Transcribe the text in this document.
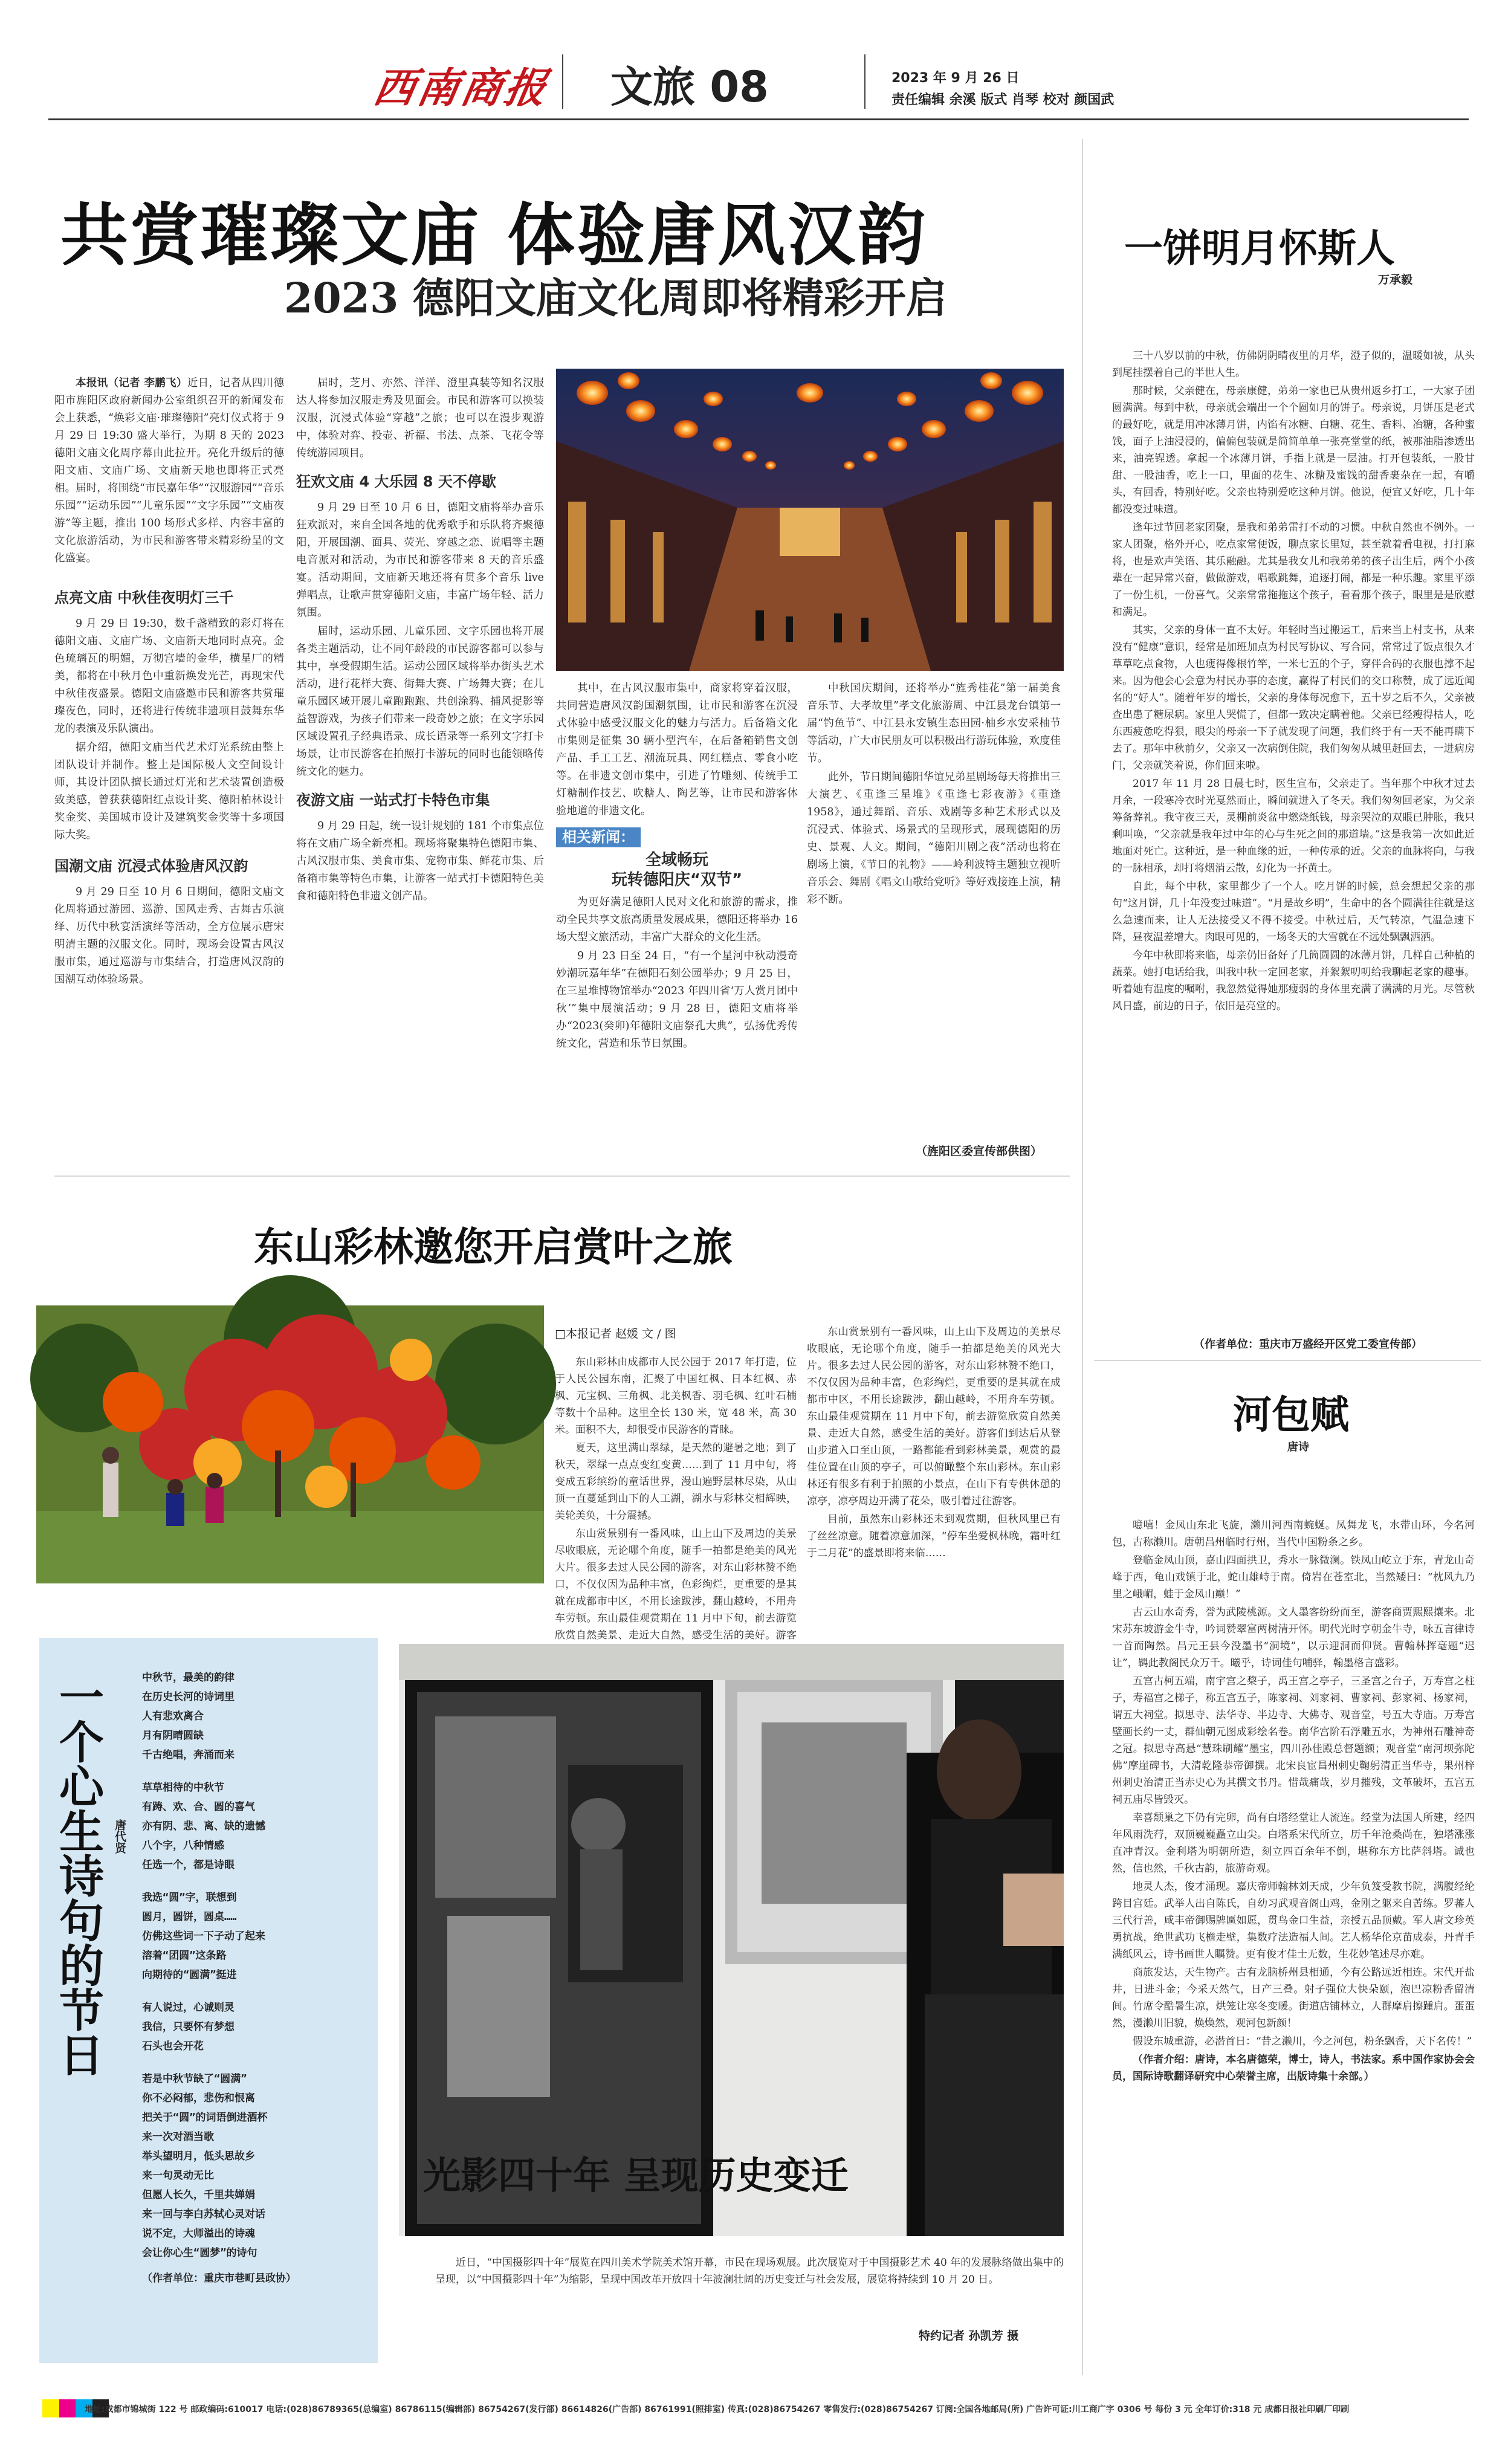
西南商报 文旅 08	2023 年 9 月 26 日
责任编辑 余溪 版式 肖琴 校对 颜国武
共赏璀璨文庙 体验唐风汉韵
2023 德阳文庙文化周即将精彩开启

本报讯（记者 李鹏飞）近日，记者从四川德阳市旌阳区政府新闻办公室组织召开的新闻发布会上获悉，“焕彩文庙·璀璨德阳”亮灯仪式将于 9 月 29 日 19:30 盛大举行，为期 8 天的 2023 德阳文庙文化周序幕由此拉开。亮化升级后的德阳文庙、文庙广场、文庙新天地也即将正式亮相。届时，将围绕“市民嘉年华”“汉服游园”“音乐乐园”“运动乐园”“儿童乐园”“文字乐园”“文庙夜游”等主题，推出 100 场形式多样、内容丰富的文化旅游活动，为市民和游客带来精彩纷呈的文化盛宴。

点亮文庙 中秋佳夜明灯三千

9 月 29 日 19:30，数千盏精致的彩灯将在德阳文庙、文庙广场、文庙新天地同时点亮。金色琉璃瓦的明媚，万彻宫墙的金华，横星厂的精美，都将在中秋月色中重新焕发光芒，再现宋代中秋佳夜盛景。德阳文庙盛邀市民和游客共赏璀璨夜色，同时，还将进行传统非遗项目鼓舞东华龙的表演及乐队演出。

据介绍，德阳文庙当代艺术灯光系统由整上团队设计并制作。整上是国际极人文空间设计师，其设计团队擅长通过灯光和艺术装置创造极致美感，曾获获德阳红点设计奖、德阳柏林设计奖金奖、美国城市设计及建筑奖金奖等十多项国际大奖。

国潮文庙 沉浸式体验唐风汉韵

9 月 29 日至 10 月 6 日期间，德阳文庙文化周将通过游园、巡游、国风走秀、古舞古乐演绎、历代中秋宴活演绎等活动，全方位展示唐宋明清主题的汉服文化。同时，现场会设置古风汉服市集，通过巡游与市集结合，打造唐风汉韵的国潮互动体验场景。

届时，芝月、亦然、洋洋、澄里真装等知名汉服达人将参加汉服走秀及见面会。市民和游客可以换装汉服，沉浸式体验“穿越”之旅；也可以在漫步观游中，体验对弈、投壶、祈福、书法、点茶、飞花令等传统游园项目。

狂欢文庙 4 大乐园 8 天不停歇

9 月 29 日至 10 月 6 日，德阳文庙将举办音乐狂欢派对，来自全国各地的优秀歌手和乐队将齐聚德阳，开展国潮、面具、荧光、穿越之恋、说唱等主题电音派对和活动，为市民和游客带来 8 天的音乐盛宴。活动期间，文庙新天地还将有贯多个音乐 live 弹唱点，让歌声贯穿德阳文庙，丰富广场年轻、活力氛围。

届时，运动乐园、儿童乐园、文字乐园也将开展各类主题活动，让不同年龄段的市民游客都可以参与其中，享受假期生活。运动公园区域将举办街头艺术活动，进行花样大赛、街舞大赛、广场舞大赛；在儿童乐园区域开展儿童跑跑跑、共创涂鸦、捕风捉影等益智游戏，为孩子们带来一段奇妙之旅；在文字乐园区域设置孔子经典语录、成长语录等一系列文字打卡场景，让市民游客在拍照打卡游玩的同时也能领略传统文化的魅力。

夜游文庙 一站式打卡特色市集

9 月 29 日起，统一设计规划的 181 个市集点位将在文庙广场全新亮相。现场将聚集特色德阳市集、古风汉服市集、美食市集、宠物市集、鲜花市集、后备箱市集等特色市集，让游客一站式打卡德阳特色美食和德阳特色非遗文创产品。

其中，在古风汉服市集中，商家将穿着汉服，共同营造唐风汉韵国潮氛围，让市民和游客在沉浸式体验中感受汉服文化的魅力与活力。后备箱文化市集则是征集 30 辆小型汽车，在后备箱销售文创产品、手工工艺、潮流玩具、网红糕点、零食小吃等。在非遗文创市集中，引进了竹雕刻、传统手工灯糖制作技艺、吹糖人、陶艺等，让市民和游客体验地道的非遗文化。

相关新闻：
全域畅玩
玩转德阳庆“双节”

为更好满足德阳人民对文化和旅游的需求，推动全民共享文旅高质量发展成果，德阳还将举办 16 场大型文旅活动，丰富广大群众的文化生活。

9 月 23 日至 24 日，“有一个星河中秋动漫奇妙潮玩嘉年华”在德阳石刻公园举办；9 月 25 日，在三星堆博物馆举办“2023 年四川省‘万人赏月团中秋’”集中展演活动；9 月 28 日，德阳文庙将举办“2023(癸卯)年德阳文庙祭孔大典”，弘扬优秀传统文化，营造和乐节日氛围。

中秋国庆期间，还将举办“旌秀桂花”第一届美食音乐节、大孝故里”孝文化旅游周、中江县龙台镇第一届“钓鱼节”、中江县永安镇生态田园·柚乡水安采柚节等活动，广大市民朋友可以积极出行游玩体验，欢度佳节。

此外，节日期间德阳华谊兄弟星剧场每天将推出三大演艺、《重逢三星堆》《重逢七彩夜游》《重逢1958》，通过舞蹈、音乐、戏剧等多种艺术形式以及沉浸式、体验式、场景式的呈现形式，展现德阳的历史、景观、人文。期间，“德阳川剧之夜”活动也将在剧场上演，《节日的礼物》——岭利波特主题独立视听音乐会、舞剧《唱文山歌给党听》等好戏接连上演，精彩不断。

（旌阳区委宣传部供图）
一饼明月怀斯人
万承毅

三十八岁以前的中秋，仿佛阴阴晴夜里的月华，澄子似的，温暖如被，从头到尾挂摆着自己的半世人生。

那时候，父亲健在，母亲康健，弟弟一家也已从贵州返乡打工，一大家子团圆满满。每到中秋，母亲就会端出一个个圆如月的饼子。母亲说，月饼压是老式的最好吃，就是用冲冰薄月饼，内馅有冰糖、白糖、花生、香料、冶糖，各种蜜饯，面子上油浸浸的，偏偏包装就是简简单单一张亮堂堂的纸，被那油脂渗透出来，油亮锃透。拿起一个冰薄月饼，手指上就是一层油。打开包装纸，一股甘甜、一股油香，吃上一口，里面的花生、冰糖及蜜饯的甜香裹杂在一起，有嚼头，有回香，特别好吃。父亲也特别爱吃这种月饼。他说，便宜又好吃，几十年都没变过味道。

逢年过节回老家团聚，是我和弟弟雷打不动的习惯。中秋自然也不例外。一家人团聚，格外开心，吃点家常便饭，聊点家长里短，甚至就着看电视，打打麻将，也是欢声笑语、其乐融融。尤其是我女儿和我弟弟的孩子出生后，两个小孩辈在一起异常兴奋，做做游戏，唱歌跳舞，追逐打闹，都是一种乐趣。家里平添了一份生机，一份喜气。父亲常常拖拖这个孩子，看看那个孩子，眼里是是欣慰和满足。

其实，父亲的身体一直不太好。年轻时当过搬运工，后来当上村支书，从来没有“健康”意识，经常是加班加点为村民写协议、写合同，常常过了饭点很久才草草吃点食物，人也瘦得像根竹竿，一米七五的个子，穿伴合码的衣服也撑不起来。因为他会心会意为村民办事的态度，赢得了村民们的交口称赞，成了远近闻名的“好人”。随着年岁的增长，父亲的身体每况愈下，五十岁之后不久，父亲被查出患了糖尿病。家里人哭慌了，但都一致决定瞒着他。父亲已经瘦得枯人，吃东西疲惫吃得狠，眼尖的母亲一下子就发现了问题，我们终于有一天不能再瞒下去了。那年中秋前夕，父亲又一次病倒住院，我们匆匆从城里赶回去，一进病房门，父亲就笑着说，你们回来啦。

2017 年 11 月 28 日晨七时，医生宣布，父亲走了。当年那个中秋才过去月余，一段寒冷衣时光戛然而止，瞬间就进入了冬天。我们匆匆回老家，为父亲筹备葬礼。我守夜三天，灵棚前炎盆中燃烧纸钱，母亲哭泣的双眼已肿胀，我只剩叫唤，“父亲就是我年过中年的心与生死之间的那道墙。”这是我第一次如此近地面对死亡。这种近，是一种血缘的近，一种传承的近。父亲的血脉将向，与我的一脉相承，却打将烟消云散，幻化为一抔黄土。

自此，每个中秋，家里都少了一个人。吃月饼的时候，总会想起父亲的那句“这月饼，几十年没变过味道”。“月是故乡明”，生命中的各个圆满往往就是这么急速而来，让人无法接受又不得不接受。中秋过后，天气转凉，气温急速下降，昼夜温差增大。肉眼可见的，一场冬天的大雪就在不远处飘飘洒洒。

今年中秋即将来临，母亲仍旧备好了几筒圆圆的冰薄月饼，几样自己种植的蔬菜。她打电话给我，叫我中秋一定回老家，并絮絮叨叨给我聊起老家的趣事。听着她有温度的嘱咐，我忽然觉得她那瘦弱的身体里充满了满满的月光。尽管秋风日盛，前边的日子，依旧是亮堂的。

（作者单位：重庆市万盛经开区党工委宣传部）
河包赋
唐诗

噫嘻！金凤山东北飞旋，濑川河西南蜿蜒。凤舞龙飞，水带山环，今名河包，古称濑川。唐朝昌州临时行州，当代中国粉条之乡。

登临金凤山顶，嘉山四面拱卫，秀水一脉微澜。铁凤山屹立于东，青龙山奇峰于西，龟山戏镇于北，蛇山雄峙于南。倚岩在苍室北，当然矮曰：“枕风九乃里之峨嵋，蛙于金凤山巅！”

古云山水奇秀，誉为武陵桃源。文人墨客纷纷而至，游客商贾熙熙攘来。北宋苏东坡游金牛寺，吟词赞翠富两树清开怀。明代光时亨朝金牛寺，咏五言律诗一首而陶然。昌元王县今没墨书“洞境”，以示迎洞而仰贤。曹翰林挥毫题“迟让”，羁此教阁民众万千。曦乎，诗词佳句哺驿，翰墨格言盛彩。

五宫古柯五端，南宇宫之棃子，禹王宫之亭子，三圣宫之台子，万寿宫之柱子，寿福宫之梯子，称五宫五子，陈家祠、刘家祠、曹家祠、彭家祠、杨家祠，谓五大祠堂。拟思寺、法华寺、半边寺、大佛寺、观音堂，号五大寺庙。万寿宫壁画长约一丈，群仙朝元图成彩绘名卷。南华宫阶石浮雕五水，为神州石雕神奇之冠。拟思寺高悬“慧珠刷耀”墨宝，四川孙佳殿总督题额；观音堂“南河坝弥陀佛”摩崖碑书，大清乾隆恭帝御撰。北宋良宦昌州刺史鞠躬清正当华寺，果州梓州刺史治清正当赤史心为其撰文书丹。惜哉痛哉，岁月摧残，文革破坏，五宫五祠五庙尽皆毁灭。

幸喜颓巢之下仍有完卵，尚有白塔经堂让人流连。经堂为法国人所建，经四年风雨洗荇，双顶巍巍矗立山尖。白塔系宋代所立，历千年沧桑尚在，独塔涨涨直冲青汉。金利塔为明朝所造，刻立四百余年不倒，堪称东方比萨斜塔。诚也然，信也然，千秋古韵，旅游奇观。

地灵人杰，俊才涌现。嘉庆帝师翰林刘天成，少年负笈受教书院，满腹经纶跨目宫廷。武举人出自陈氏，自幼习武观音阁山鸡，金刚之躯来自苦练。罗蕃人三代行善，咸丰帝御赐牌匾如愿，贯鸟金口生益，亲授五品顶戴。军人唐文珍英勇抗战，绝世武功飞檐走壁，集数疗法造福人间。艺人杨华伦京苗成泰，丹青手满纸风云，诗书画世人瞩赞。更有俊才佳士无数，生花妙笔述尽亦难。

商旅发达，天生物产。古有龙脑桥州县相通，今有公路远近相连。宋代开盐井，日进斗金；今采天然气，日产三叠。射子强位大快朵颐，泡巴凉粉香留清间。竹席令酷暑生凉，烘笼让寒冬变暖。街道店铺林立，人群摩肩擦踵肩。蛋蛋然，漫濑川旧貌，焕焕然，观河包新颜！

假设东城重游，必潜首日：“昔之濑川，今之河包，粉条飘香，天下名传！”

（作者介绍：唐诗，本名唐德荣，博士，诗人，书法家。系中国作家协会会员，国际诗歌翻译研究中心荣誉主席，出版诗集十余部。）

东山彩林邀您开启赏叶之旅
□本报记者 赵媛 文 / 图

东山彩林由成都市人民公园于 2017 年打造，位于人民公园东南，汇聚了中国红枫、日本红枫、赤枫、元宝枫、三角枫、北美枫香、羽毛枫、红叶石楠等数十个品种。这里全长 130 米，宽 48 米，高 30 米。面积不大，却很受市民游客的青睐。

夏天，这里满山翠绿，是天然的避暑之地；到了秋天，翠绿一点点变红变黄……到了 11 月中旬，将变成五彩缤纷的童话世界，漫山遍野层林尽染，从山顶一直蔓延到山下的人工湖，湖水与彩林交相辉映，美轮美奂，十分震撼。

东山赏景别有一番风味，山上山下及周边的美景尽收眼底，无论哪个角度，随手一拍都是绝美的风光大片。很多去过人民公园的游客，对东山彩林赞不绝口，不仅仅因为品种丰富，色彩绚烂，更重要的是其就在成都市中区，不用长途跋涉，翻山越岭，不用舟车劳顿。东山最佳观赏期在 11 月中下旬，前去游览欣赏自然美景、走近大自然，感受生活的美好。游客

东山赏景别有一番风味，山上山下及周边的美景尽收眼底，无论哪个角度，随手一拍都是绝美的风光大片。很多去过人民公园的游客，对东山彩林赞不绝口，不仅仅因为品种丰富，色彩绚烂，更重要的是其就在成都市中区，不用长途跋涉，翻山越岭，不用舟车劳顿。东山最佳观赏期在 11 月中下旬，前去游览欣赏自然美景、走近大自然，感受生活的美好。游客们到达后从登山步道入口至山顶，一路都能看到彩林美景，观赏的最佳位置在山顶的亭子，可以俯瞰整个东山彩林。东山彩林还有很多有利于拍照的小景点，在山下有专供休憩的凉亭，凉亭周边开满了花朵，吸引着过往游客。

目前，虽然东山彩林还未到观赏期，但秋风里已有了丝丝凉意。随着凉意加深，“停车坐爱枫林晚，霜叶红于二月花”的盛景即将来临……

一个心生诗句的节日 唐代贤
中秋节，最美的韵律
在历史长河的诗词里
人有悲欢离合
月有阴晴圆缺
千古绝唱，奔涌而来
草草相待的中秋节
有踌、欢、合、圆的喜气
亦有阴、悲、离、缺的遗憾
八个字，八种情感
任选一个，都是诗眼
我选“圆”字，联想到
圆月，圆饼，圆桌……
仿佛这些词一下子动了起来
溶着“团圆”这条路
向期待的“圆满”挺进
有人说过，心诚则灵
我信，只要怀有梦想
石头也会开花
若是中秋节缺了“圆满”
你不必闷郁，悲伤和恨离
把关于“圆”的词语倒进酒杯
来一次对酒当歌
举头望明月，低头思故乡
来一句灵动无比
但愿人长久，千里共婵娟
来一回与李白苏轼心灵对话
说不定，大师溢出的诗魂
会让你心生“圆梦”的诗句
（作者单位：重庆市巷町县政协）
光影四十年 呈现历史变迁

近日，“中国摄影四十年”展览在四川美术学院美术馆开幕，市民在现场观展。此次展览对于中国摄影艺术 40 年的发展脉络做出集中的呈现，以“中国摄影四十年”为缩影，呈现中国改革开放四十年波澜壮阔的历史变迁与社会发展，展览将持续到 10 月 20 日。

特约记者 孙凯芳 摄
地址:成都市锦城街 122 号 邮政编码:610017 电话:(028)86789365(总编室) 86786115(编辑部) 86754267(发行部) 86614826(广告部) 86761991(照排室) 传真:(028)86754267 零售发行:(028)86754267 订阅:全国各地邮局(所) 广告许可证:川工商广字 0306 号 每份 3 元 全年订价:318 元 成都日报社印刷厂印刷
